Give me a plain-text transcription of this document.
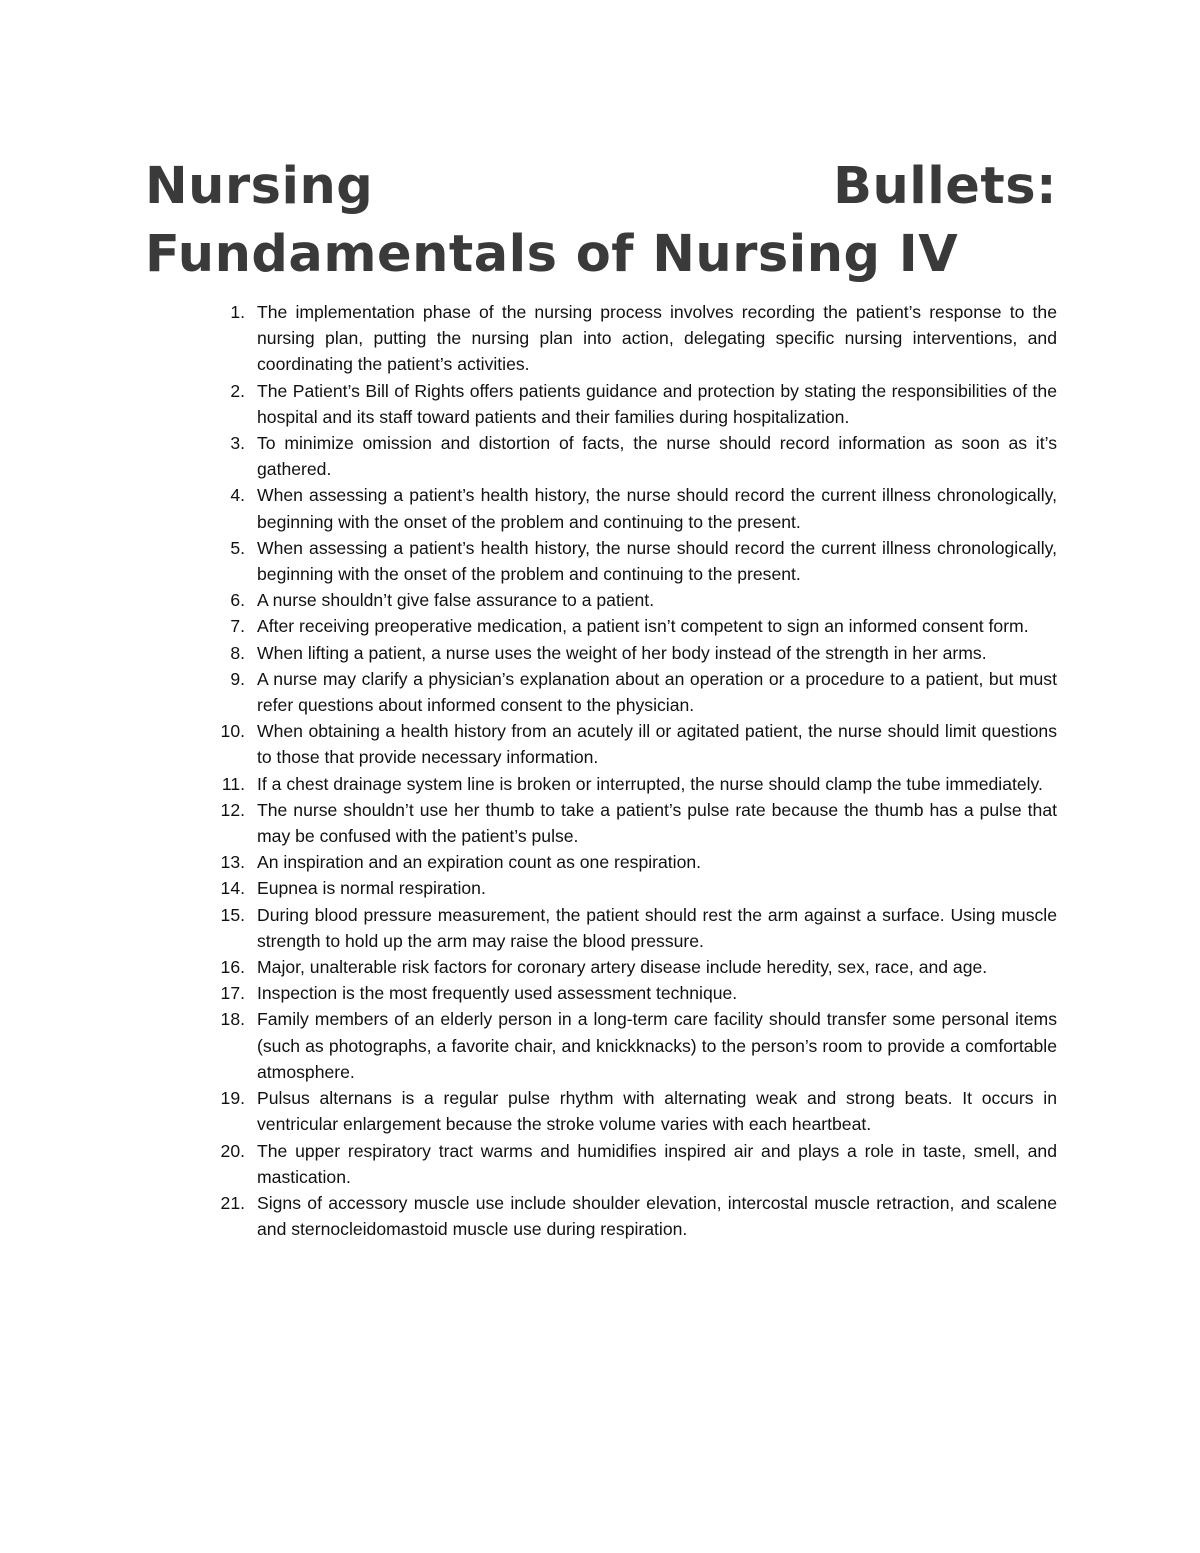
Nursing	Bullets:
Fundamentals of Nursing IV
1. The implementation phase of the nursing process involves recording the patient’s response to the nursing plan, putting the nursing plan into action, delegating specific nursing interventions, and coordinating the patient’s activities.
2. The Patient’s Bill of Rights offers patients guidance and protection by stating the responsibilities of the hospital and its staff toward patients and their families during hospitalization.
3. To minimize omission and distortion of facts, the nurse should record information as soon as it’s gathered.
4. When assessing a patient’s health history, the nurse should record the current illness chronologically, beginning with the onset of the problem and continuing to the present.
5. When assessing a patient’s health history, the nurse should record the current illness chronologically, beginning with the onset of the problem and continuing to the present.
6. A nurse shouldn’t give false assurance to a patient.
7. After receiving preoperative medication, a patient isn’t competent to sign an informed consent form.
8. When lifting a patient, a nurse uses the weight of her body instead of the strength in her arms.
9. A nurse may clarify a physician’s explanation about an operation or a procedure to a patient, but must refer questions about informed consent to the physician.
10. When obtaining a health history from an acutely ill or agitated patient, the nurse should limit questions to those that provide necessary information.
11. If a chest drainage system line is broken or interrupted, the nurse should clamp the tube immediately.
12. The nurse shouldn’t use her thumb to take a patient’s pulse rate because the thumb has a pulse that may be confused with the patient’s pulse.
13. An inspiration and an expiration count as one respiration.
14. Eupnea is normal respiration.
15. During blood pressure measurement, the patient should rest the arm against a surface. Using muscle strength to hold up the arm may raise the blood pressure.
16. Major, unalterable risk factors for coronary artery disease include heredity, sex, race, and age.
17. Inspection is the most frequently used assessment technique.
18. Family members of an elderly person in a long-term care facility should transfer some personal items (such as photographs, a favorite chair, and knickknacks) to the person’s room to provide a comfortable atmosphere.
19. Pulsus alternans is a regular pulse rhythm with alternating weak and strong beats. It occurs in ventricular enlargement because the stroke volume varies with each heartbeat.
20. The upper respiratory tract warms and humidifies inspired air and plays a role in taste, smell, and mastication.
21. Signs of accessory muscle use include shoulder elevation, intercostal muscle retraction, and scalene and sternocleidomastoid muscle use during respiration.
